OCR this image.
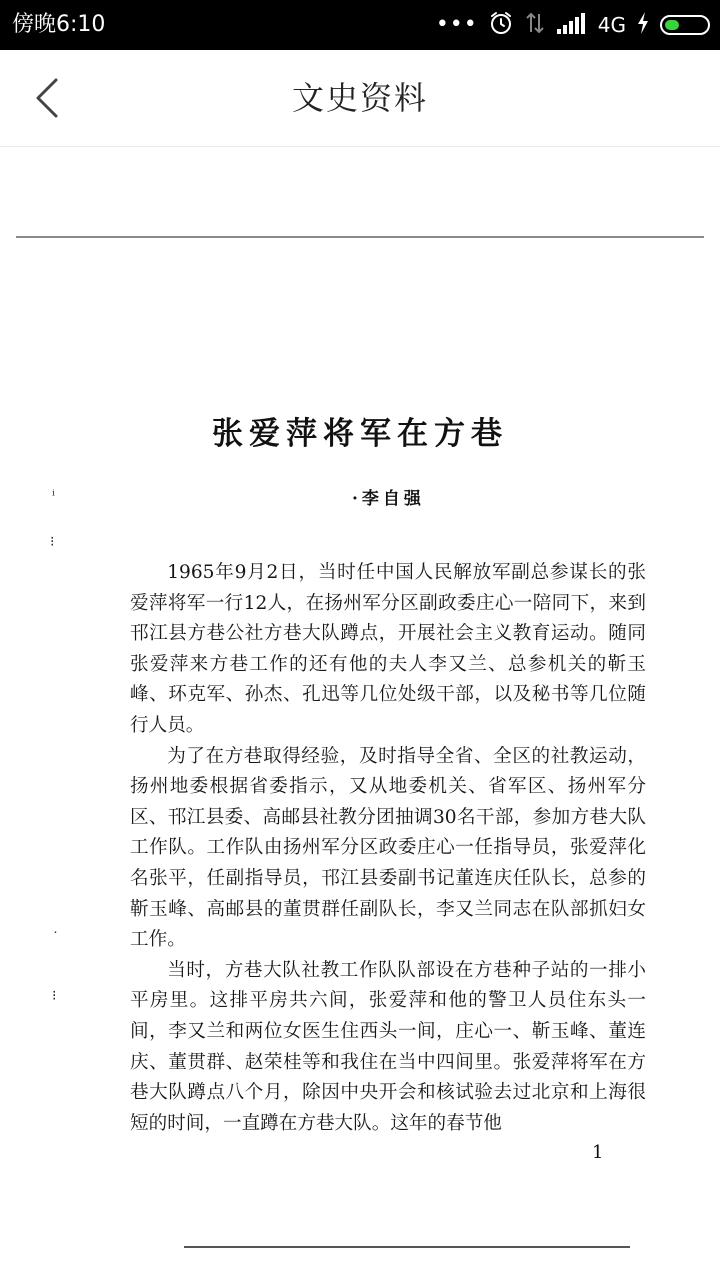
傍晚6:10	•••	4G
文史资料
ⁱ
⁝
˙
⁝
张爱萍将军在方巷
·李自强

1965年9月2日，当时任中国人民解放军副总参谋长的张爱萍将军一行12人，在扬州军分区副政委庄心一陪同下，来到邗江县方巷公社方巷大队蹲点，开展社会主义教育运动。随同张爱萍来方巷工作的还有他的夫人李又兰、总参机关的靳玉峰、环克军、孙杰、孔迅等几位处级干部，以及秘书等几位随行人员。

为了在方巷取得经验，及时指导全省、全区的社教运动，扬州地委根据省委指示，又从地委机关、省军区、扬州军分区、邗江县委、高邮县社教分团抽调30名干部，参加方巷大队工作队。工作队由扬州军分区政委庄心一任指导员，张爱萍化名张平，任副指导员，邗江县委副书记董连庆任队长，总参的靳玉峰、高邮县的董贯群任副队长，李又兰同志在队部抓妇女工作。

当时，方巷大队社教工作队队部设在方巷种子站的一排小平房里。这排平房共六间，张爱萍和他的警卫人员住东头一间，李又兰和两位女医生住西头一间，庄心一、靳玉峰、董连庆、董贯群、赵荣桂等和我住在当中四间里。张爱萍将军在方巷大队蹲点八个月，除因中央开会和核试验去过北京和上海很短的时间，一直蹲在方巷大队。这年的春节他

1
